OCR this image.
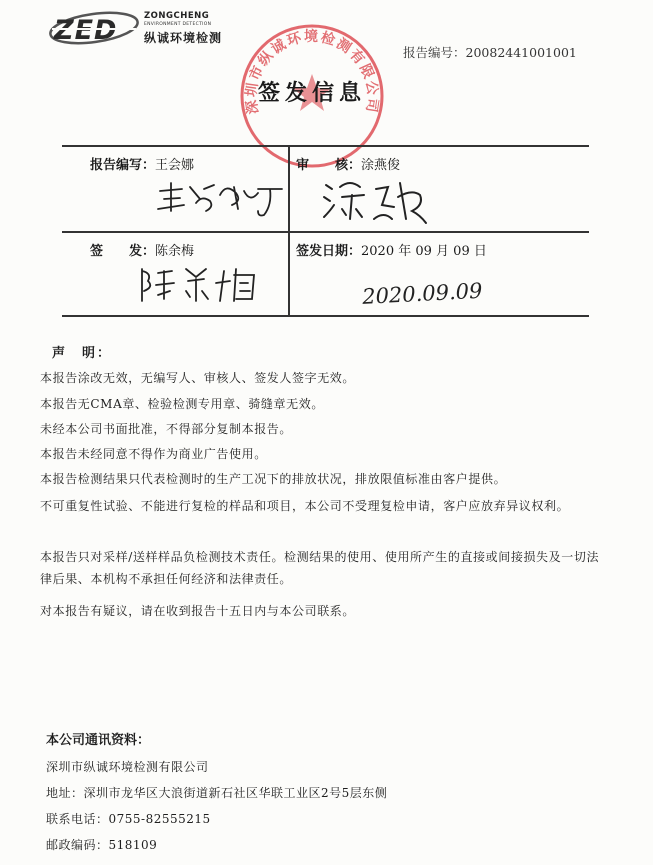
ZED	ZONGCHENG
ENVIRONMENT DETECTION
纵诚环境检测
深圳市纵诚环境检测有限公司
报告编号：20082441001001
签发信息
报告编写：王会娜	审　　核：涂燕俊
签　　发：陈余梅	签发日期：2020 年 09 月 09 日
2020.09.09
声　明：
本报告涂改无效，无编写人、审核人、签发人签字无效。
本报告无CMA章、检验检测专用章、骑缝章无效。
未经本公司书面批准，不得部分复制本报告。
本报告未经同意不得作为商业广告使用。
本报告检测结果只代表检测时的生产工况下的排放状况，排放限值标准由客户提供。
不可重复性试验、不能进行复检的样品和项目，本公司不受理复检申请，客户应放弃异议权利。
本报告只对采样/送样样品负检测技术责任。检测结果的使用、使用所产生的直接或间接损失及一切法律后果、本机构不承担任何经济和法律责任。
对本报告有疑议，请在收到报告十五日内与本公司联系。
本公司通讯资料：
深圳市纵诚环境检测有限公司
地址：深圳市龙华区大浪街道新石社区华联工业区2号5层东侧
联系电话：0755-82555215
邮政编码：518109
